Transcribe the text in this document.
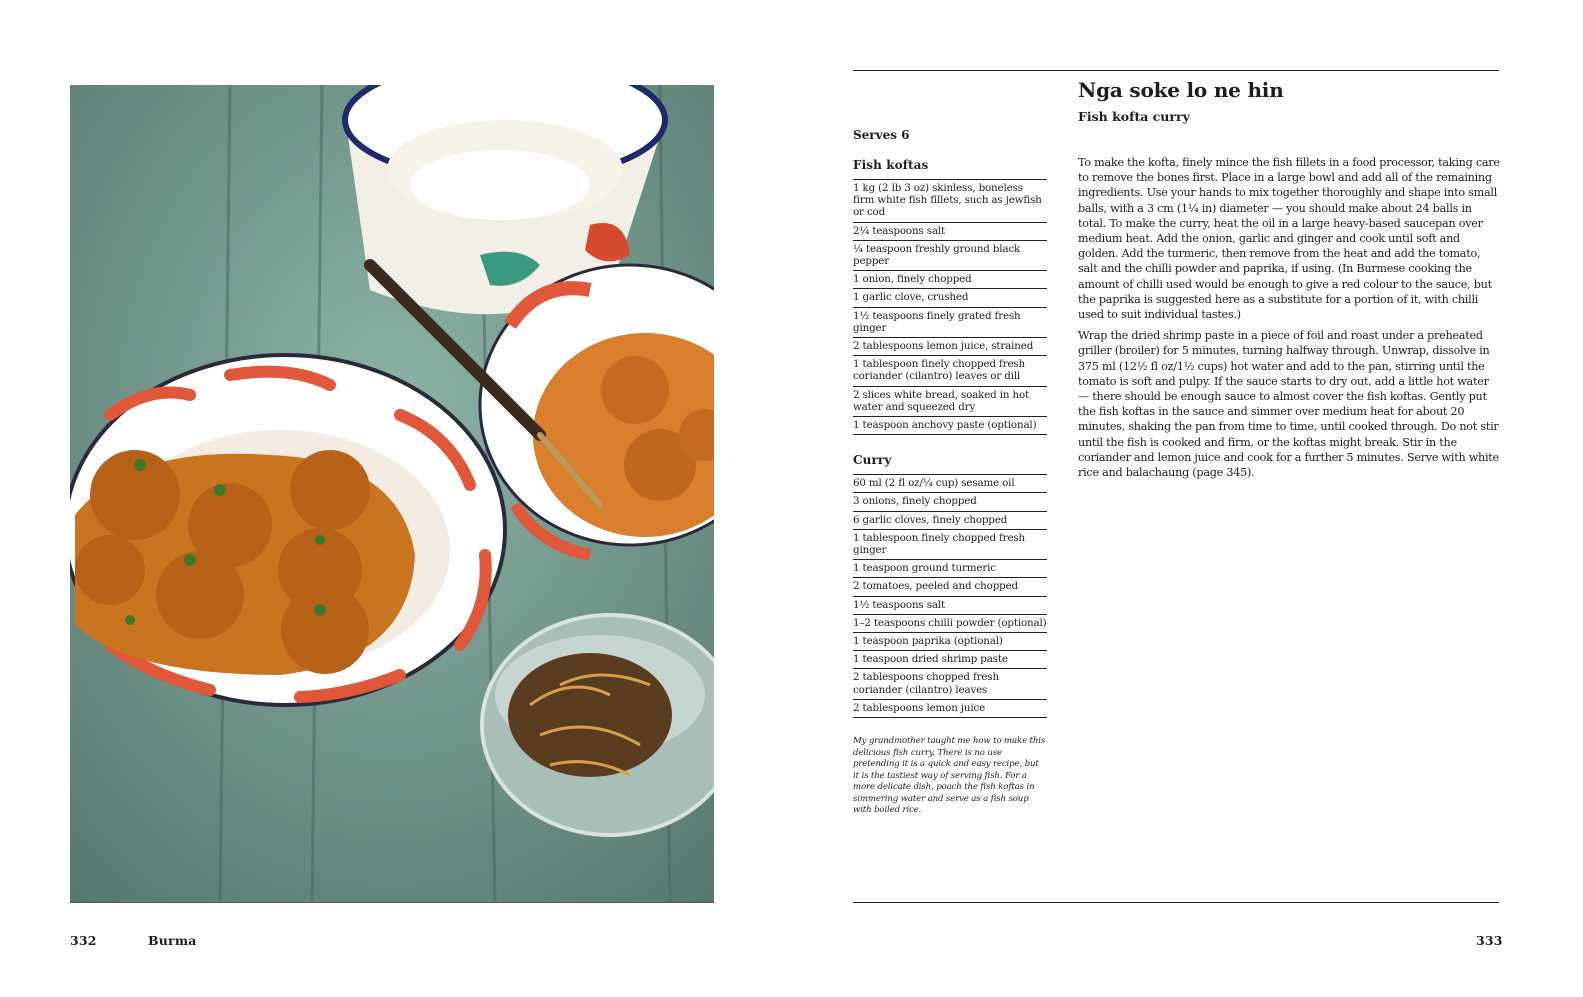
Nga soke lo ne hin
Fish kofta curry
Serves 6
Fish koftas
1 kg (2 lb 3 oz) skinless, boneless firm white fish fillets, such as jewfish or cod
2¼ teaspoons salt
¼ teaspoon freshly ground black pepper
1 onion, finely chopped
1 garlic clove, crushed
1½ teaspoons finely grated fresh ginger
2 tablespoons lemon juice, strained
1 tablespoon finely chopped fresh coriander (cilantro) leaves or dill
2 slices white bread, soaked in hot water and squeezed dry
1 teaspoon anchovy paste (optional)
Curry
60 ml (2 fl oz/¼ cup) sesame oil
3 onions, finely chopped
6 garlic cloves, finely chopped
1 tablespoon finely chopped fresh ginger
1 teaspoon ground turmeric
2 tomatoes, peeled and chopped
1½ teaspoons salt
1–2 teaspoons chilli powder (optional)
1 teaspoon paprika (optional)
1 teaspoon dried shrimp paste
2 tablespoons chopped fresh coriander (cilantro) leaves
2 tablespoons lemon juice

My grandmother taught me how to make this delicious fish curry. There is no use pretending it is a quick and easy recipe, but it is the tastiest way of serving fish. For a more delicate dish, poach the fish koftas in simmering water and serve as a fish soup with boiled rice.

To make the kofta, finely mince the fish fillets in a food processor, taking care to remove the bones first. Place in a large bowl and add all of the remaining ingredients. Use your hands to mix together thoroughly and shape into small balls, with a 3 cm (1¼ in) diameter — you should make about 24 balls in total. To make the curry, heat the oil in a large heavy-based saucepan over medium heat. Add the onion, garlic and ginger and cook until soft and golden. Add the turmeric, then remove from the heat and add the tomato, salt and the chilli powder and paprika, if using. (In Burmese cooking the amount of chilli used would be enough to give a red colour to the sauce, but the paprika is suggested here as a substitute for a portion of it, with chilli used to suit individual tastes.)

Wrap the dried shrimp paste in a piece of foil and roast under a preheated griller (broiler) for 5 minutes, turning halfway through. Unwrap, dissolve in 375 ml (12½ fl oz/1½ cups) hot water and add to the pan, stirring until the tomato is soft and pulpy. If the sauce starts to dry out, add a little hot water — there should be enough sauce to almost cover the fish koftas. Gently put the fish koftas in the sauce and simmer over medium heat for about 20 minutes, shaking the pan from time to time, until cooked through. Do not stir until the fish is cooked and firm, or the koftas might break. Stir in the coriander and lemon juice and cook for a further 5 minutes. Serve with white rice and balachaung (page 345).

332	Burma	333
